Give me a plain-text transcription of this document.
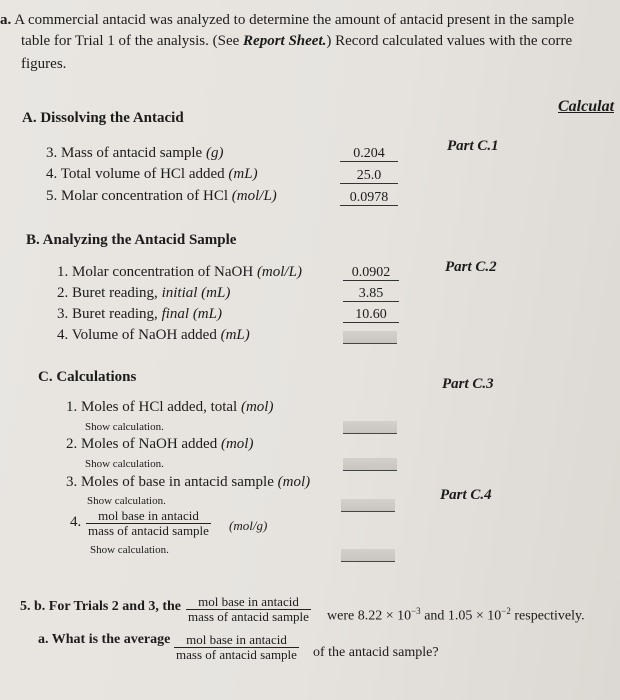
a. A commercial antacid was analyzed to determine the amount of antacid present in the sample
table for Trial 1 of the analysis. (See Report Sheet.) Record calculated values with the corre
figures.
Calculat
A. Dissolving the Antacid
Part C.1
3. Mass of antacid sample (g)	0.204
4. Total volume of HCl added (mL)	25.0
5. Molar concentration of HCl (mol/L)	0.0978
B. Analyzing the Antacid Sample
Part C.2
1. Molar concentration of NaOH (mol/L)	0.0902
2. Buret reading, initial (mL)	3.85
3. Buret reading, final (mL)	10.60
4. Volume of NaOH added (mL)
C. Calculations	Part C.3
1. Moles of HCl added, total (mol)
Show calculation.
2. Moles of NaOH added (mol)
Show calculation.
3. Moles of base in antacid sample (mol)
Show calculation.	Part C.4
4.	mol base in antacid
mass of antacid sample (mol/g)
Show calculation.
5. b. For Trials 2 and 3, the	mol base in antacid
mass of antacid sample were $8.22 \times 10^{-3}$ and $1.05 \times 10^{-2}$ respectively.
a. What is the average	mol base in antacid
mass of antacid sample of the antacid sample?
